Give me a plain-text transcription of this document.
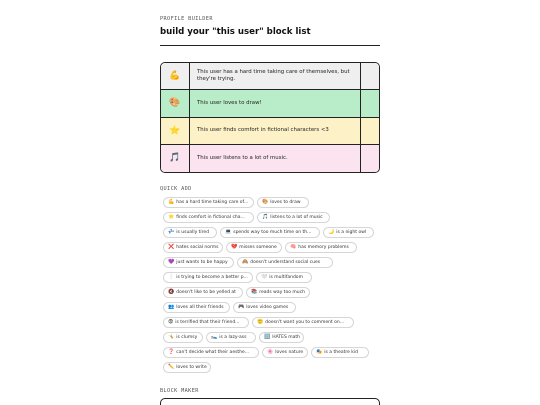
PROFILE BUILDER
build your "this user" block list
💪	This user has a hard time taking care of themselves, but they're trying.
🎨	This user loves to draw!
⭐	This user finds comfort in fictional characters <3
🎵	This user listens to a lot of music.
QUICK ADD
💪 has a hard time taking care of...	🎨 loves to draw
⭐ finds comfort in fictional cha...	🎵 listens to a lot of music
💤 is usually tired	💻 spends way too much time on th...	🌙 is a night owl
❌ hates social norms 💔 misses someone	🧠 has memory problems
💜 just wants to be happy	🙈 doesn't understand social cues
❕ is trying to become a better p...	🤍 is multifandom
🔇 doesn't like to be yelled at	📚 reads way too much
👥 loves all their friends	🎮 loves video games
😨 is terrified that their friend...	🙂 doesn't want you to comment on...
🤸 is clumsy	🛌 is a lazy-ass	🔢 HATES math
❓ can't decide what their aesthe...	🌸 loves nature	🎭 is a theatre kid
✏️ loves to write
BLOCK MAKER
